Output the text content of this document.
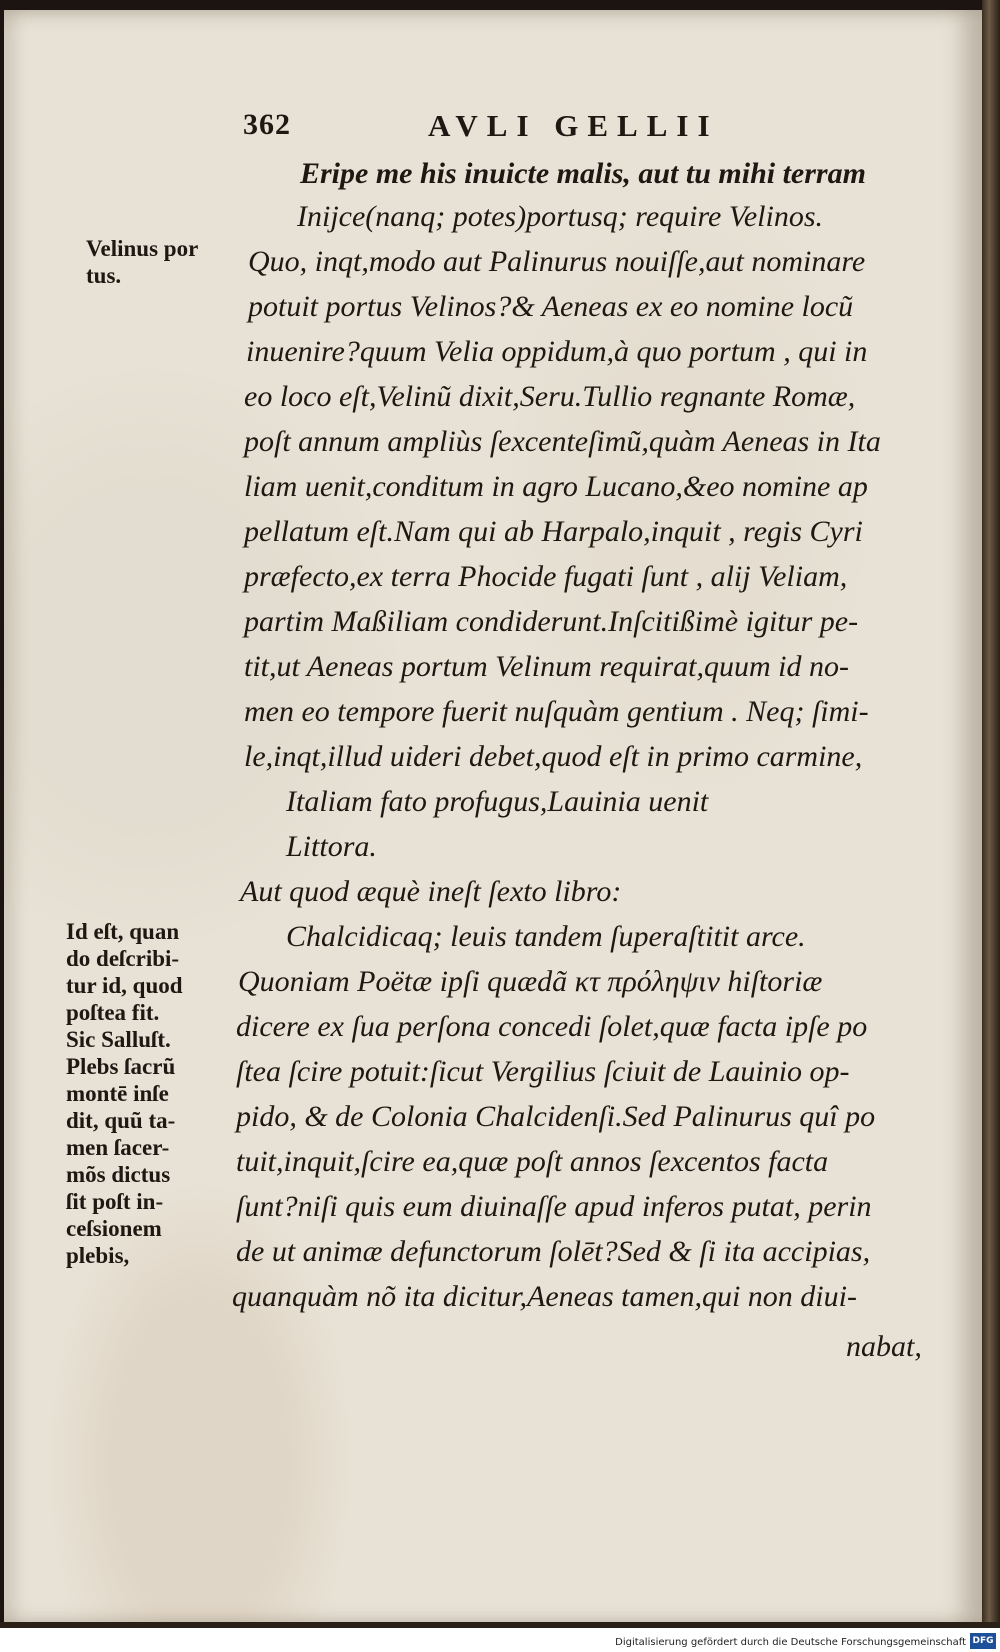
362	AVLI GELLII
Eripe me his inuicte malis, aut tu mihi terram
Inijce(nanq; potes)portusq; require Velinos.
Quo, inqt,modo aut Palinurus nouiſſe,aut nominare
potuit portus Velinos?& Aeneas ex eo nomine locũ
inuenire?quum Velia oppidum,à quo portum , qui in
eo loco eſt,Velinũ dixit,Seru.Tullio regnante Romæ,
poſt annum ampliùs ſexcenteſimũ,quàm Aeneas in Ita
liam uenit,conditum in agro Lucano,&eo nomine ap
pellatum eſt.Nam qui ab Harpalo,inquit , regis Cyri
præfecto,ex terra Phocide fugati ſunt , alij Veliam,
partim Maßiliam condiderunt.Inſcitißimè igitur pe-
tit,ut Aeneas portum Velinum requirat,quum id no-
men eo tempore fuerit nuſquàm gentium . Neq; ſimi-
le,inqt,illud uideri debet,quod eſt in primo carmine,
Italiam fato profugus,Lauinia uenit
Littora.
Aut quod æquè ineſt ſexto libro:
Chalcidicaq; leuis tandem ſuperaſtitit arce.
Quoniam Poëtæ ipſi quædã κτ πρόληψιν hiſtoriæ
dicere ex ſua perſona concedi ſolet,quæ facta ipſe po
ſtea ſcire potuit:ſicut Vergilius ſciuit de Lauinio op-
pido, & de Colonia Chalcidenſi.Sed Palinurus quî po
tuit,inquit,ſcire ea,quæ poſt annos ſexcentos facta
ſunt?niſi quis eum diuinaſſe apud inferos putat, perin
de ut animæ defunctorum ſolēt?Sed & ſi ita accipias,
quanquàm nõ ita dicitur,Aeneas tamen,qui non diui-
nabat,
Velinus por
tus.
Id eſt, quan
do deſcribi-
tur id, quod
poſtea fit.
Sic Salluſt.
Plebs ſacrũ
montē inſe
dit, quũ ta-
men ſacer-
mõs dictus
ſit poſt in-
ceſsionem
plebis,
Digitalisierung gefördert durch die Deutsche Forschungsgemeinschaft DFG
